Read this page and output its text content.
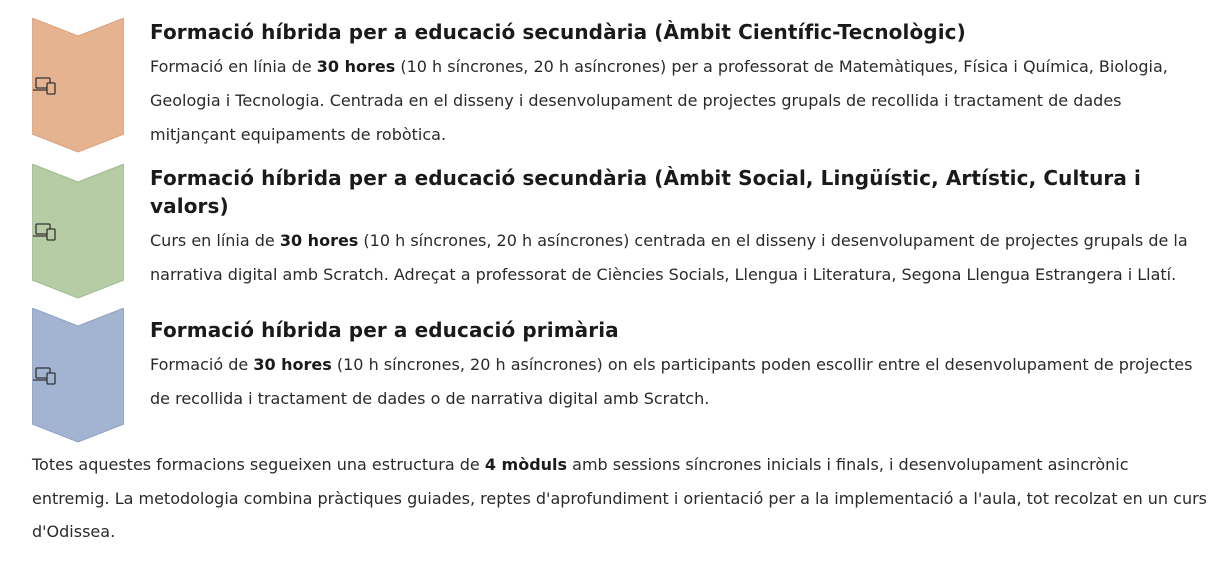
Formació híbrida per a educació secundària (Àmbit Científic-Tecnològic)

Formació en línia de 30 hores (10 h síncrones, 20 h asíncrones) per a professorat de Matemàtiques, Física i Química, Biologia, Geologia i Tecnologia. Centrada en el disseny i desenvolupament de projectes grupals de recollida i tractament de dades mitjançant equipaments de robòtica.

Formació híbrida per a educació secundària (Àmbit Social, Lingüístic, Artístic, Cultura i valors)

Curs en línia de 30 hores (10 h síncrones, 20 h asíncrones) centrada en el disseny i desenvolupament de projectes grupals de la narrativa digital amb Scratch. Adreçat a professorat de Ciències Socials, Llengua i Literatura, Segona Llengua Estrangera i Llatí.

Formació híbrida per a educació primària

Formació de 30 hores (10 h síncrones, 20 h asíncrones) on els participants poden escollir entre el desenvolupament de projectes de recollida i tractament de dades o de narrativa digital amb Scratch.

Totes aquestes formacions segueixen una estructura de 4 mòduls amb sessions síncrones inicials i finals, i desenvolupament asincrònic entremig. La metodologia combina pràctiques guiades, reptes d'aprofundiment i orientació per a la implementació a l'aula, tot recolzat en un curs d'Odissea.
